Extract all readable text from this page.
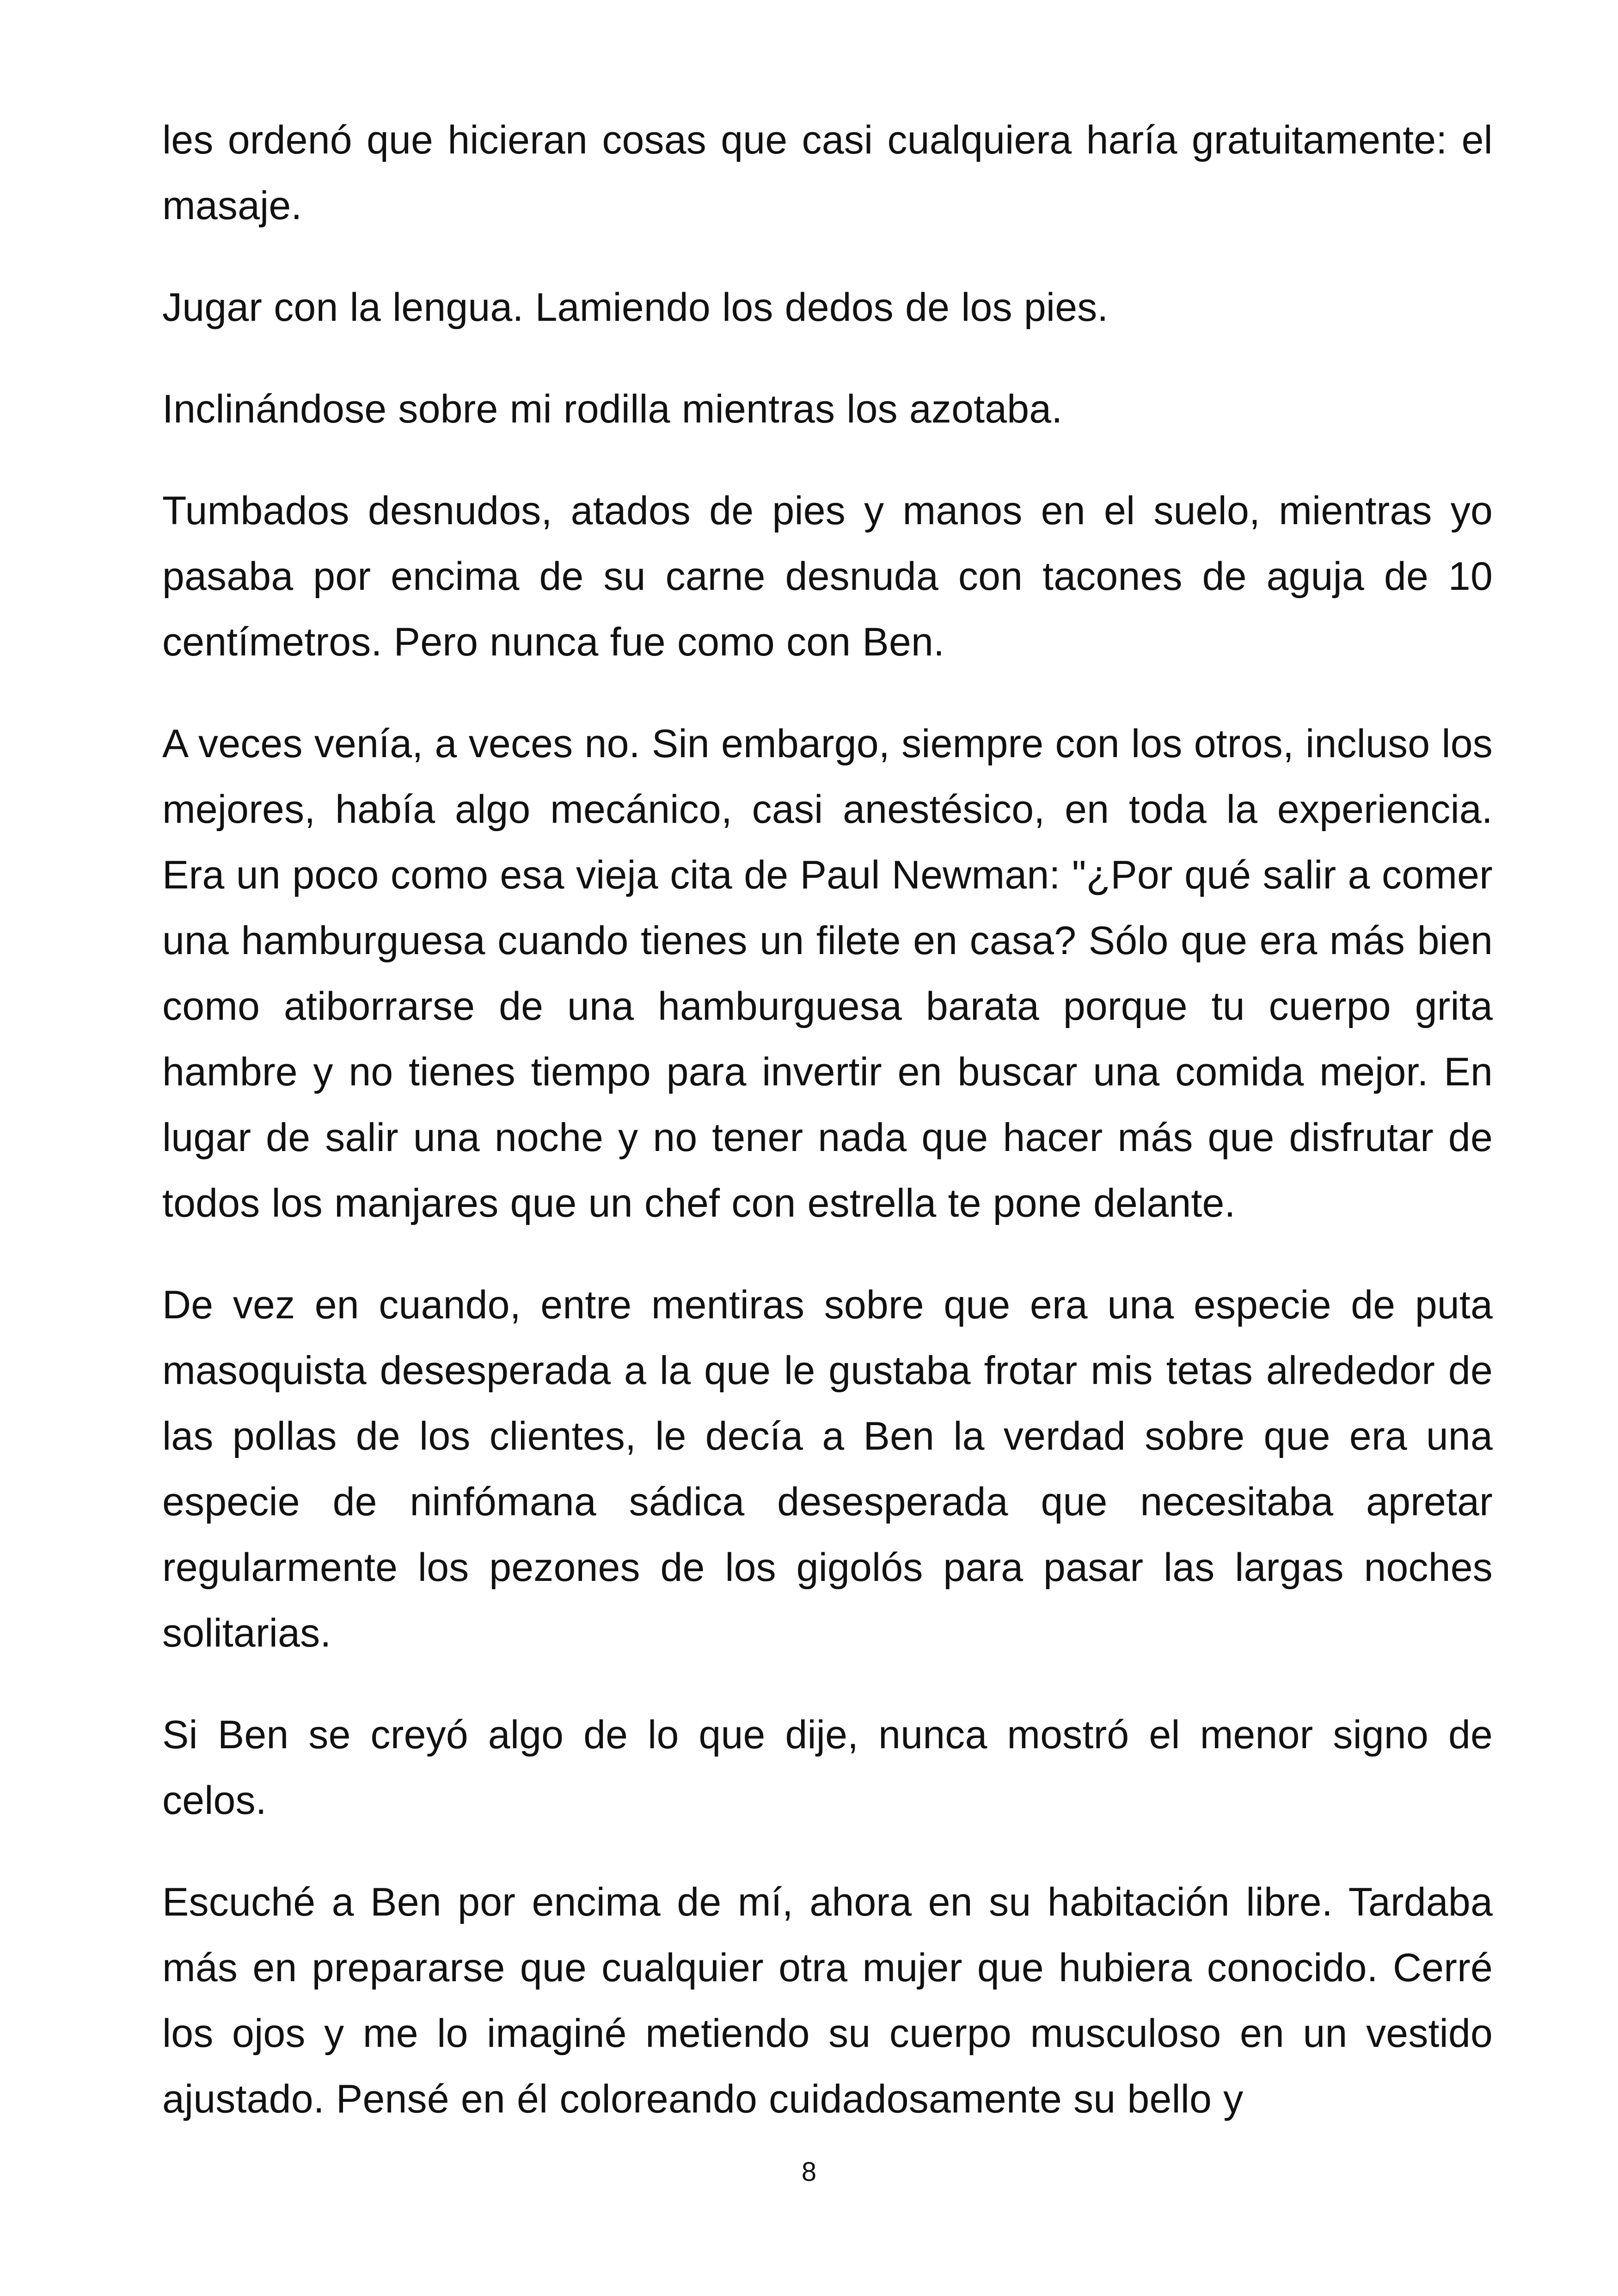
les ordenó que hicieran cosas que casi cualquiera haría gratuitamente: el masaje.

Jugar con la lengua. Lamiendo los dedos de los pies.

Inclinándose sobre mi rodilla mientras los azotaba.

Tumbados desnudos, atados de pies y manos en el suelo, mientras yo pasaba por encima de su carne desnuda con tacones de aguja de 10 centímetros. Pero nunca fue como con Ben.

A veces venía, a veces no. Sin embargo, siempre con los otros, incluso los mejores, había algo mecánico, casi anestésico, en toda la experiencia. Era un poco como esa vieja cita de Paul Newman: "¿Por qué salir a comer una hamburguesa cuando tienes un filete en casa? Sólo que era más bien como atiborrarse de una hamburguesa barata porque tu cuerpo grita hambre y no tienes tiempo para invertir en buscar una comida mejor. En lugar de salir una noche y no tener nada que hacer más que disfrutar de todos los manjares que un chef con estrella te pone delante.

De vez en cuando, entre mentiras sobre que era una especie de puta masoquista desesperada a la que le gustaba frotar mis tetas alrededor de las pollas de los clientes, le decía a Ben la verdad sobre que era una especie de ninfómana sádica desesperada que necesitaba apretar regularmente los pezones de los gigolós para pasar las largas noches solitarias.

Si Ben se creyó algo de lo que dije, nunca mostró el menor signo de celos.

Escuché a Ben por encima de mí, ahora en su habitación libre. Tardaba más en prepararse que cualquier otra mujer que hubiera conocido. Cerré los ojos y me lo imaginé metiendo su cuerpo musculoso en un vestido ajustado. Pensé en él coloreando cuidadosamente su bello y

8
